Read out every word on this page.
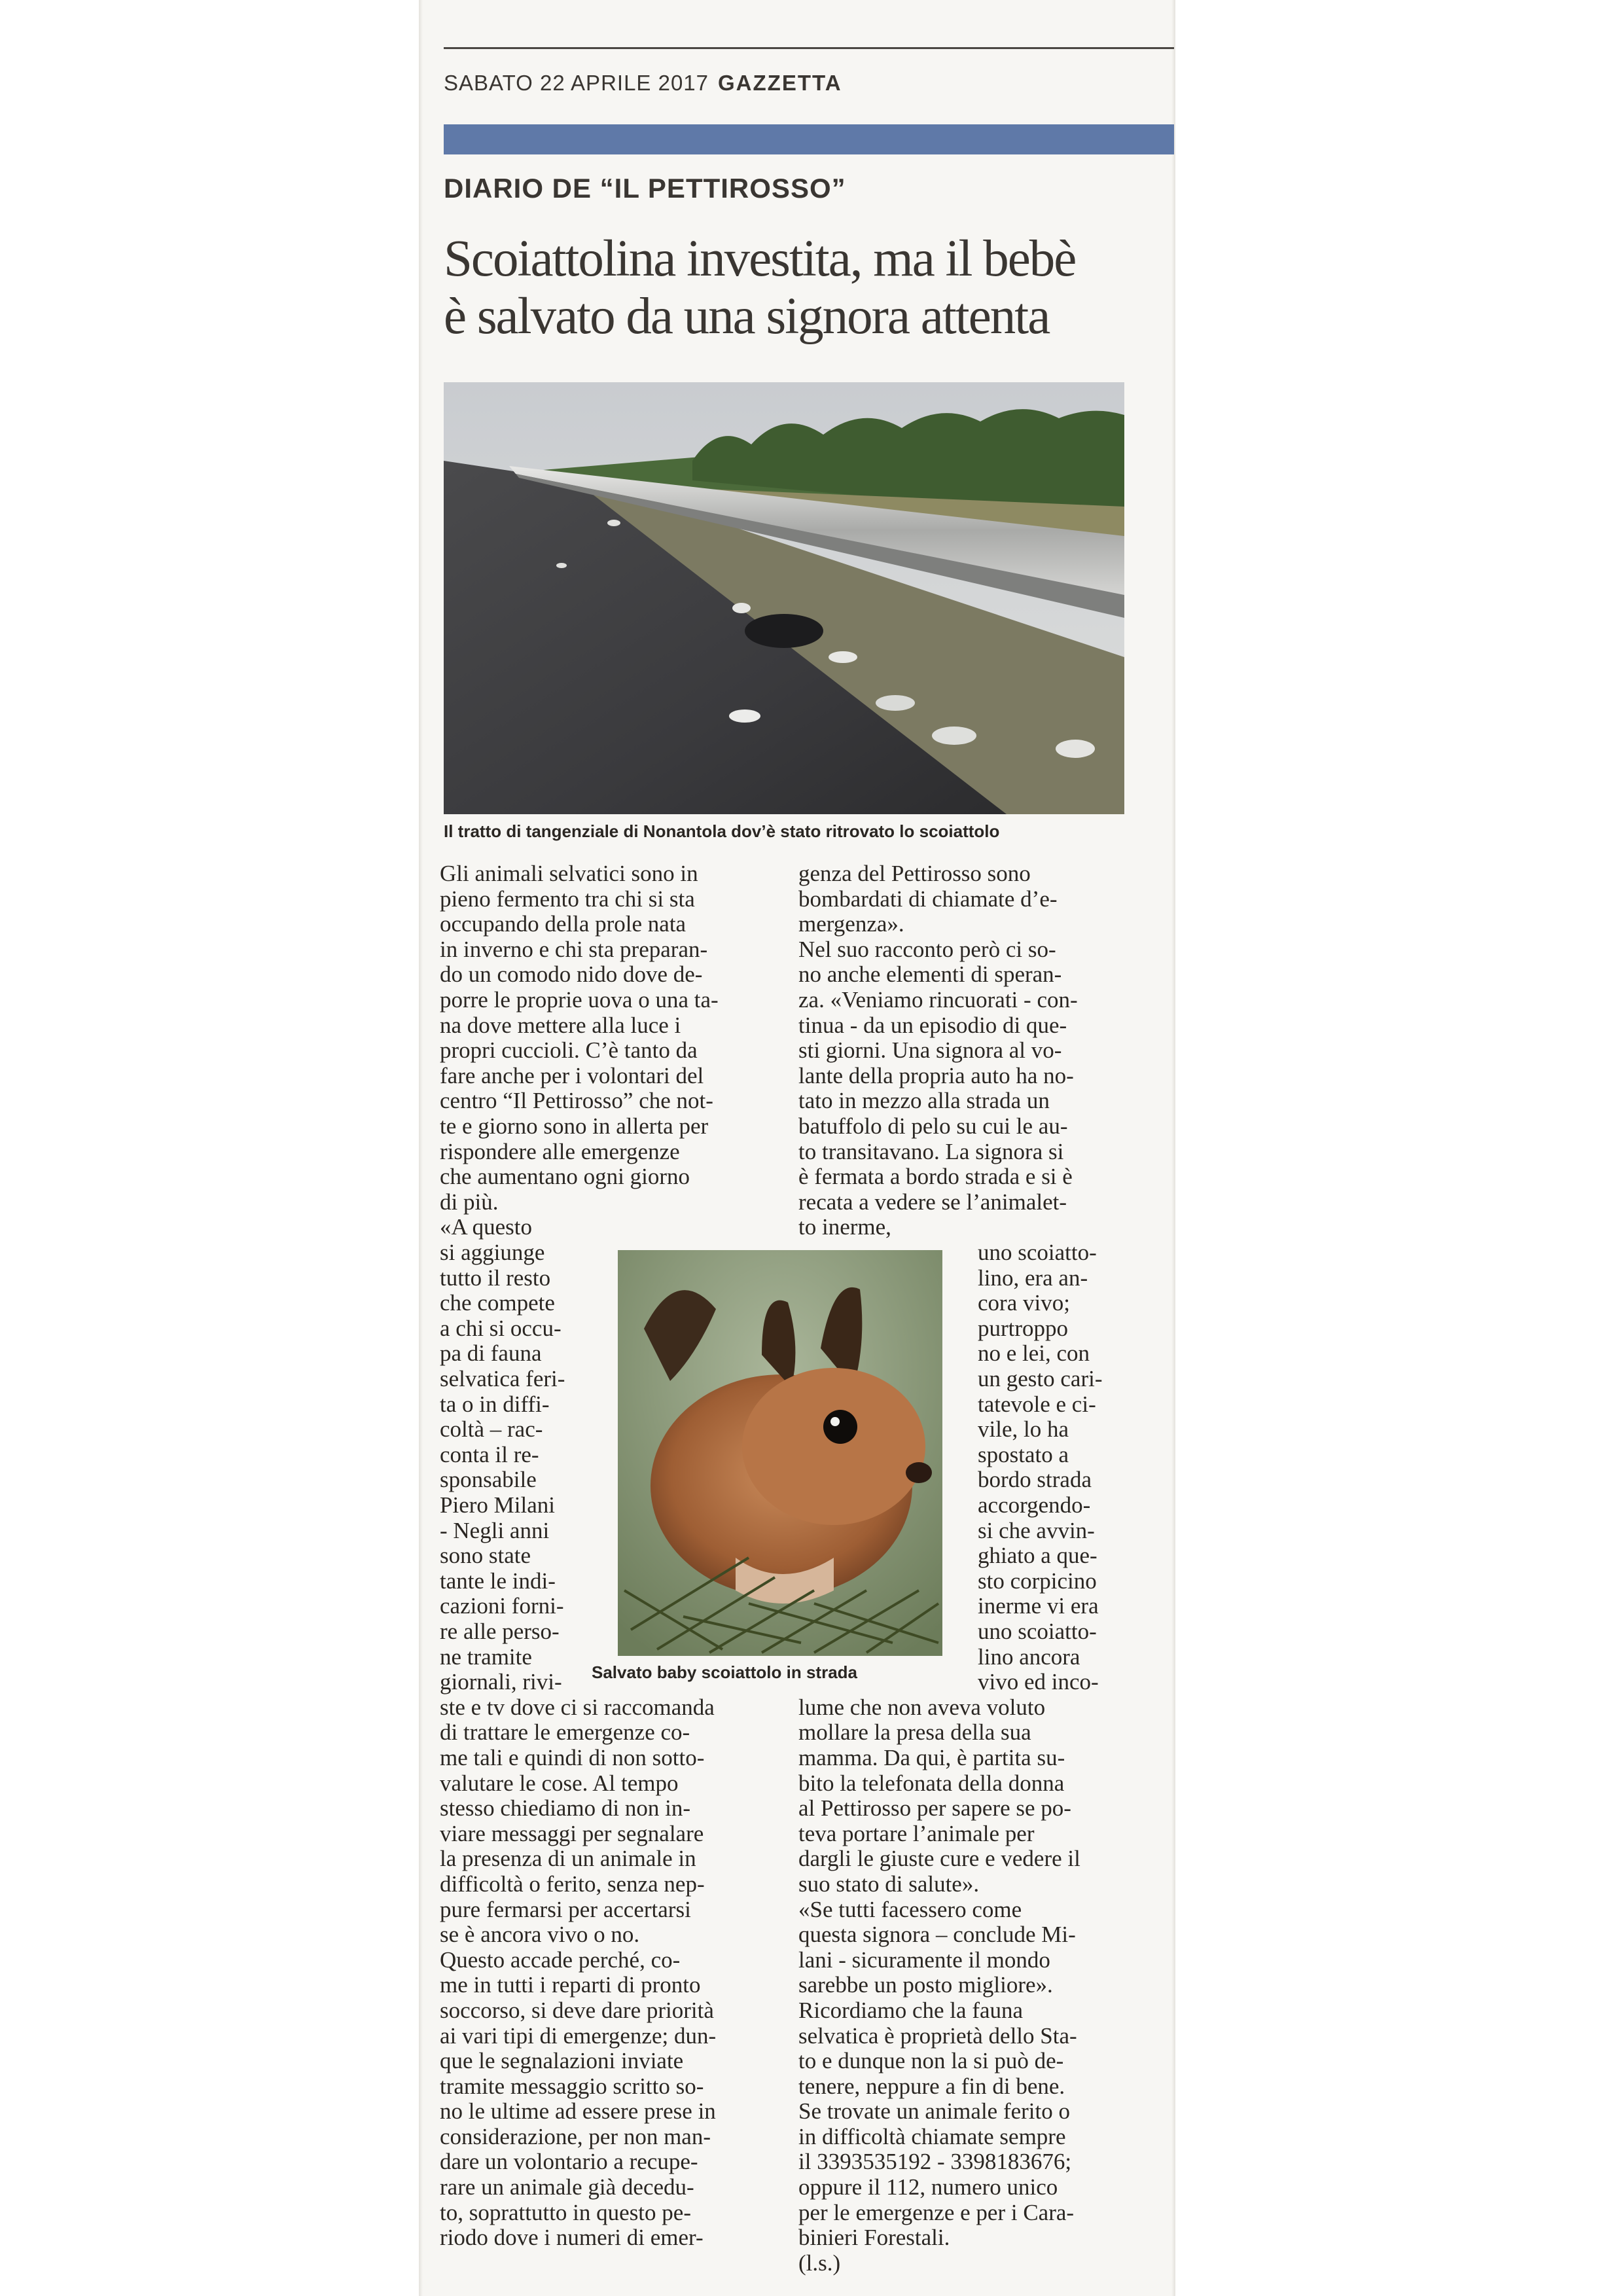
SABATO 22 APRILE 2017 GAZZETTA
DIARIO DE “IL PETTIROSSO”
Scoiattolina investita, ma il bebè
è salvato da una signora attenta
Il tratto di tangenziale di Nonantola dov’è stato ritrovato lo scoiattolo
Salvato baby scoiattolo in strada
Gli animali selvatici sono in
pieno fermento tra chi si sta
occupando della prole nata
in inverno e chi sta preparan-
do un comodo nido dove de-
porre le proprie uova o una ta-
na dove mettere alla luce i
propri cuccioli. C’è tanto da
fare anche per i volontari del
centro “Il Pettirosso” che not-
te e giorno sono in allerta per
rispondere alle emergenze
che aumentano ogni giorno
di più.
«A questo
si aggiunge
tutto il resto
che compete
a chi si occu-
pa di fauna
selvatica feri-
ta o in diffi-
coltà – rac-
conta il re-
sponsabile
Piero Milani
- Negli anni
sono state
tante le indi-
cazioni forni-
re alle perso-
ne tramite
giornali, rivi-
ste e tv dove ci si raccomanda
di trattare le emergenze co-
me tali e quindi di non sotto-
valutare le cose. Al tempo
stesso chiediamo di non in-
viare messaggi per segnalare
la presenza di un animale in
difficoltà o ferito, senza nep-
pure fermarsi per accertarsi
se è ancora vivo o no.
Questo accade perché, co-
me in tutti i reparti di pronto
soccorso, si deve dare priorità
ai vari tipi di emergenze; dun-
que le segnalazioni inviate
tramite messaggio scritto so-
no le ultime ad essere prese in
considerazione, per non man-
dare un volontario a recupe-
rare un animale già decedu-
to, soprattutto in questo pe-
riodo dove i numeri di emer-
genza del Pettirosso sono
bombardati di chiamate d’e-
mergenza».
Nel suo racconto però ci so-
no anche elementi di speran-
za. «Veniamo rincuorati - con-
tinua - da un episodio di que-
sti giorni. Una signora al vo-
lante della propria auto ha no-
tato in mezzo alla strada un
batuffolo di pelo su cui le au-
to transitavano. La signora si
è fermata a bordo strada e si è
recata a vedere se l’animalet-
to inerme,
uno scoiatto-
lino, era an-
cora vivo;
purtroppo
no e lei, con
un gesto cari-
tatevole e ci-
vile, lo ha
spostato a
bordo strada
accorgendo-
si che avvin-
ghiato a que-
sto corpicino
inerme vi era
uno scoiatto-
lino ancora
vivo ed inco-
lume che non aveva voluto
mollare la presa della sua
mamma. Da qui, è partita su-
bito la telefonata della donna
al Pettirosso per sapere se po-
teva portare l’animale per
dargli le giuste cure e vedere il
suo stato di salute».
«Se tutti facessero come
questa signora – conclude Mi-
lani - sicuramente il mondo
sarebbe un posto migliore».
Ricordiamo che la fauna
selvatica è proprietà dello Sta-
to e dunque non la si può de-
tenere, neppure a fin di bene.
Se trovate un animale ferito o
in difficoltà chiamate sempre
il 3393535192 - 3398183676;
oppure il 112, numero unico
per le emergenze e per i Cara-
binieri Forestali.
(l.s.)
